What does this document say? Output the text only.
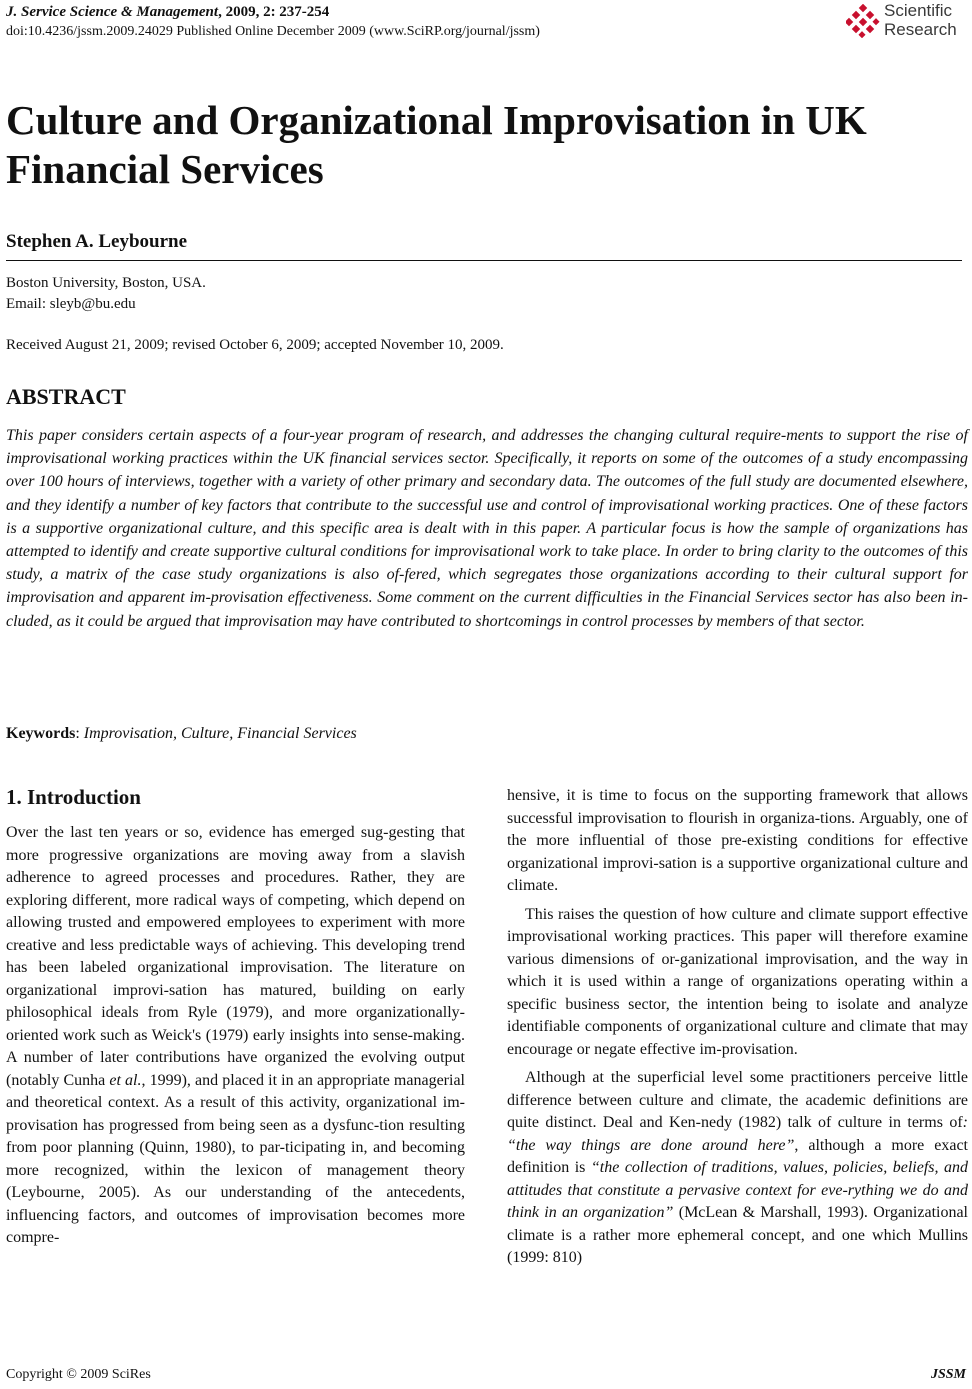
J. Service Science & Management, 2009, 2: 237-254
doi:10.4236/jssm.2009.24029 Published Online December 2009 (www.SciRP.org/journal/jssm)
Scientific
Research
Culture and Organizational Improvisation in UK Financial Services
Stephen A. Leybourne
Boston University, Boston, USA.
Email: sleyb@bu.edu
Received August 21, 2009; revised October 6, 2009; accepted November 10, 2009.
ABSTRACT

This paper considers certain aspects of a four-year program of research, and addresses the changing cultural require-ments to support the rise of improvisational working practices within the UK financial services sector. Specifically, it reports on some of the outcomes of a study encompassing over 100 hours of interviews, together with a variety of other primary and secondary data. The outcomes of the full study are documented elsewhere, and they identify a number of key factors that contribute to the successful use and control of improvisational working practices. One of these factors is a supportive organizational culture, and this specific area is dealt with in this paper. A particular focus is how the sample of organizations has attempted to identify and create supportive cultural conditions for improvisational work to take place. In order to bring clarity to the outcomes of this study, a matrix of the case study organizations is also of-fered, which segregates those organizations according to their cultural support for improvisation and apparent im-provisation effectiveness. Some comment on the current difficulties in the Financial Services sector has also been in-cluded, as it could be argued that improvisation may have contributed to shortcomings in control processes by members of that sector.

Keywords: Improvisation, Culture, Financial Services
1. Introduction

Over the last ten years or so, evidence has emerged sug-gesting that more progressive organizations are moving away from a slavish adherence to agreed processes and procedures. Rather, they are exploring different, more radical ways of competing, which depend on allowing trusted and empowered employees to experiment with more creative and less predictable ways of achieving. This developing trend has been labeled organizational improvisation. The literature on organizational improvi-sation has matured, building on early philosophical ideals from Ryle (1979), and more organizationally-oriented work such as Weick's (1979) early insights into sense-making. A number of later contributions have organized the evolving output (notably Cunha et al., 1999), and placed it in an appropriate managerial and theoretical context. As a result of this activity, organizational im-provisation has progressed from being seen as a dysfunc-tion resulting from poor planning (Quinn, 1980), to par-ticipating in, and becoming more recognized, within the lexicon of management theory (Leybourne, 2005). As our understanding of the antecedents, influencing factors, and outcomes of improvisation becomes more compre-

hensive, it is time to focus on the supporting framework that allows successful improvisation to flourish in organiza-tions. Arguably, one of the more influential of those pre-existing conditions for effective organizational improvi-sation is a supportive organizational culture and climate.

This raises the question of how culture and climate support effective improvisational working practices. This paper will therefore examine various dimensions of or-ganizational improvisation, and the way in which it is used within a range of organizations operating within a specific business sector, the intention being to isolate and analyze identifiable components of organizational culture and climate that may encourage or negate effective im-provisation.

Although at the superficial level some practitioners perceive little difference between culture and climate, the academic definitions are quite distinct. Deal and Ken-nedy (1982) talk of culture in terms of: “the way things are done around here”, although a more exact definition is “the collection of traditions, values, policies, beliefs, and attitudes that constitute a pervasive context for eve-rything we do and think in an organization” (McLean & Marshall, 1993). Organizational climate is a rather more ephemeral concept, and one which Mullins (1999: 810)

Copyright © 2009 SciRes	JSSM
